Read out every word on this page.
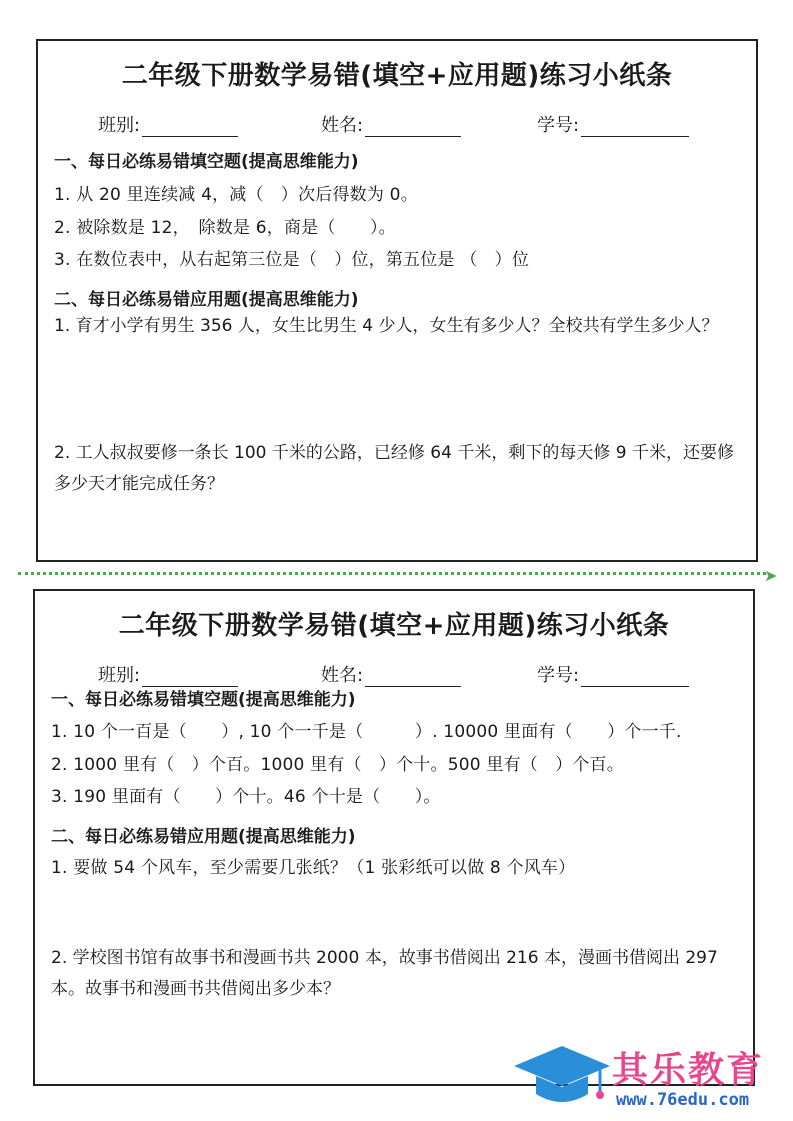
二年级下册数学易错(填空+应用题)练习小纸条
班别:	姓名:	学号:
一、每日必练易错填空题(提高思维能力)
1. 从 20 里连续减 4，减（　）次后得数为 0。
2. 被除数是 12，　除数是 6，商是（　　）。
3. 在数位表中，从右起第三位是（　）位，第五位是 （　）位
二、每日必练易错应用题(提高思维能力)
1. 育才小学有男生 356 人，女生比男生 4 少人，女生有多少人？全校共有学生多少人？
2. 工人叔叔要修一条长 100 千米的公路，已经修 64 千米，剩下的每天修 9 千米，还要修多少天才能完成任务？
➤
二年级下册数学易错(填空+应用题)练习小纸条
班别:	姓名:	学号:
一、每日必练易错填空题(提高思维能力)
1. 10 个一百是（　　）, 10 个一千是（　　　）. 10000 里面有（　　）个一千.
2. 1000 里有（　）个百。1000 里有（　）个十。500 里有（　）个百。
3. 190 里面有（　　）个十。46 个十是（　　）。
二、每日必练易错应用题(提高思维能力)
1. 要做 54 个风车，至少需要几张纸？（1 张彩纸可以做 8 个风车）
2. 学校图书馆有故事书和漫画书共 2000 本，故事书借阅出 216 本，漫画书借阅出 297 本。故事书和漫画书共借阅出多少本？
其乐教育
www.76edu.com
